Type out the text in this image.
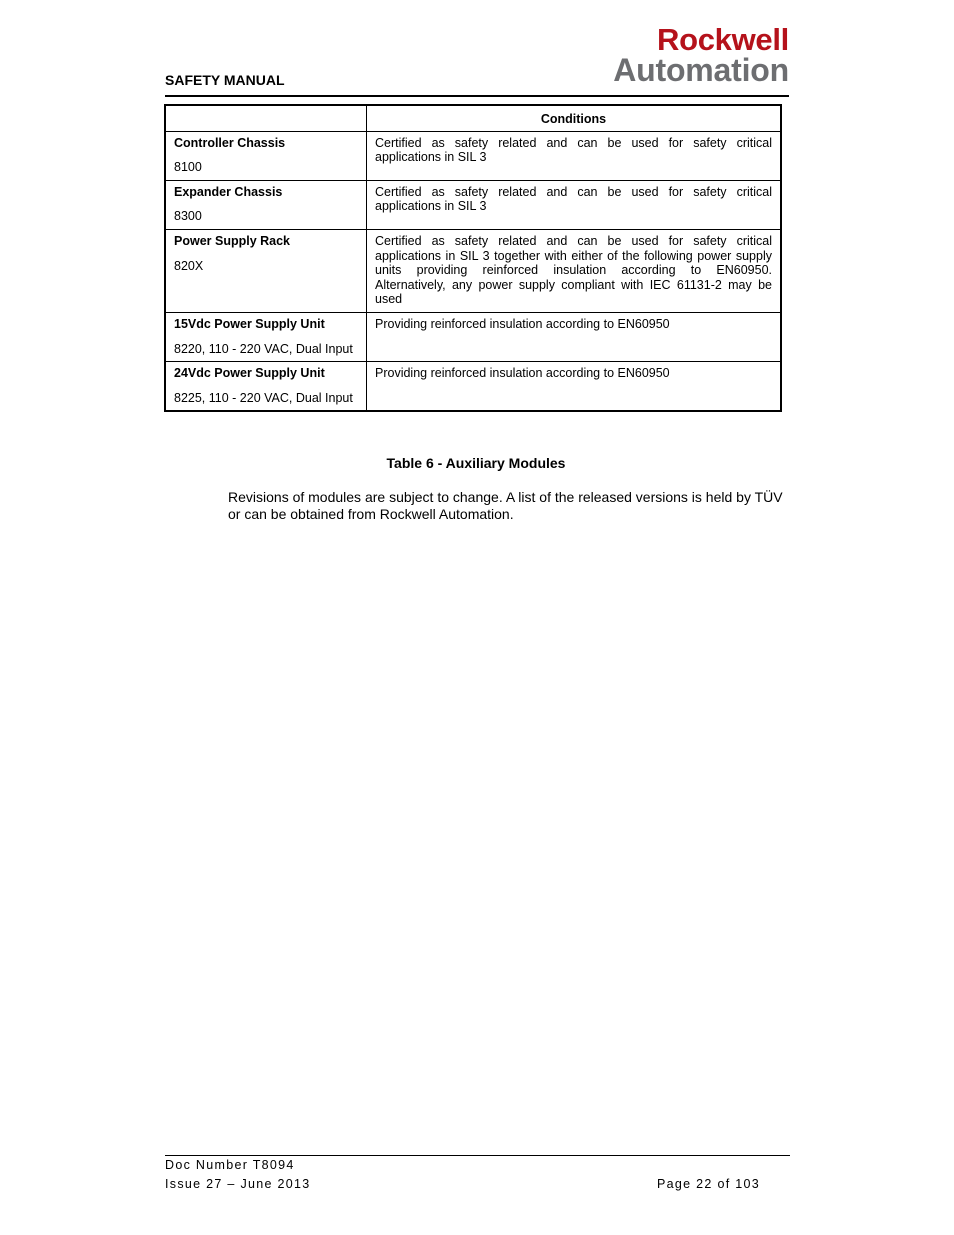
SAFETY MANUAL
Rockwell
Automation
	Conditions

Controller Chassis

8100	Certified as safety related and can be used for safety critical applications in SIL 3

Expander Chassis

8300	Certified as safety related and can be used for safety critical applications in SIL 3

Power Supply Rack

820X	Certified as safety related and can be used for safety critical applications in SIL 3 together with either of the following power supply units providing reinforced insulation according to EN60950. Alternatively, any power supply compliant with IEC 61131-2 may be used

15Vdc Power Supply Unit

8220, 110 - 220 VAC, Dual Input	Providing reinforced insulation according to EN60950

24Vdc Power Supply Unit

8225, 110 - 220 VAC, Dual Input	Providing reinforced insulation according to EN60950
Table 6 - Auxiliary Modules
Revisions of modules are subject to change. A list of the released versions is held by TÜV or can be obtained from Rockwell Automation.
Doc Number T8094
Issue 27 – June 2013	Page 22 of 103
